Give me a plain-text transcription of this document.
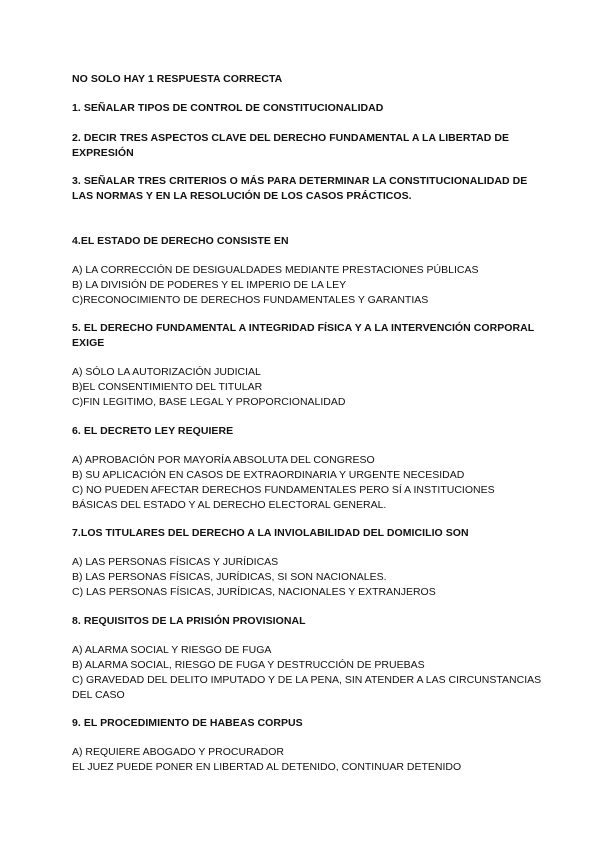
NO SOLO HAY 1 RESPUESTA CORRECTA

1. SEÑALAR TIPOS DE CONTROL DE CONSTITUCIONALIDAD

2. DECIR TRES ASPECTOS CLAVE DEL DERECHO FUNDAMENTAL A LA LIBERTAD DE EXPRESIÓN

3. SEÑALAR TRES CRITERIOS O MÁS PARA DETERMINAR LA CONSTITUCIONALIDAD DE LAS NORMAS Y EN LA RESOLUCIÓN DE LOS CASOS PRÁCTICOS.

4.EL ESTADO DE DERECHO CONSISTE EN

A) LA CORRECCIÓN DE DESIGUALDADES MEDIANTE PRESTACIONES PÚBLICAS

B) LA DIVISIÓN DE PODERES Y EL IMPERIO DE LA LEY

C)RECONOCIMIENTO DE DERECHOS FUNDAMENTALES Y GARANTIAS

5. EL DERECHO FUNDAMENTAL A INTEGRIDAD FÍSICA Y A LA INTERVENCIÓN CORPORAL EXIGE

A) SÓLO LA AUTORIZACIÓN JUDICIAL

B)EL CONSENTIMIENTO DEL TITULAR

C)FIN LEGITIMO, BASE LEGAL Y PROPORCIONALIDAD

6. EL DECRETO LEY REQUIERE

A) APROBACIÓN POR MAYORÍA ABSOLUTA DEL CONGRESO

B) SU APLICACIÓN EN CASOS DE EXTRAORDINARIA Y URGENTE NECESIDAD

C) NO PUEDEN AFECTAR DERECHOS FUNDAMENTALES PERO SÍ A INSTITUCIONES BÁSICAS DEL ESTADO Y AL DERECHO ELECTORAL GENERAL.

7.LOS TITULARES DEL DERECHO A LA INVIOLABILIDAD DEL DOMICILIO SON

A) LAS PERSONAS FÍSICAS Y JURÍDICAS

B) LAS PERSONAS FÍSICAS, JURÍDICAS, SI SON NACIONALES.

C) LAS PERSONAS FÍSICAS, JURÍDICAS, NACIONALES Y EXTRANJEROS

8. REQUISITOS DE LA PRISIÓN PROVISIONAL

A) ALARMA SOCIAL Y RIESGO DE FUGA

B) ALARMA SOCIAL, RIESGO DE FUGA Y DESTRUCCIÓN DE PRUEBAS

C) GRAVEDAD DEL DELITO IMPUTADO Y DE LA PENA, SIN ATENDER A LAS CIRCUNSTANCIAS DEL CASO

9. EL PROCEDIMIENTO DE HABEAS CORPUS

A) REQUIERE ABOGADO Y PROCURADOR

EL JUEZ PUEDE PONER EN LIBERTAD AL DETENIDO, CONTINUAR DETENIDO
